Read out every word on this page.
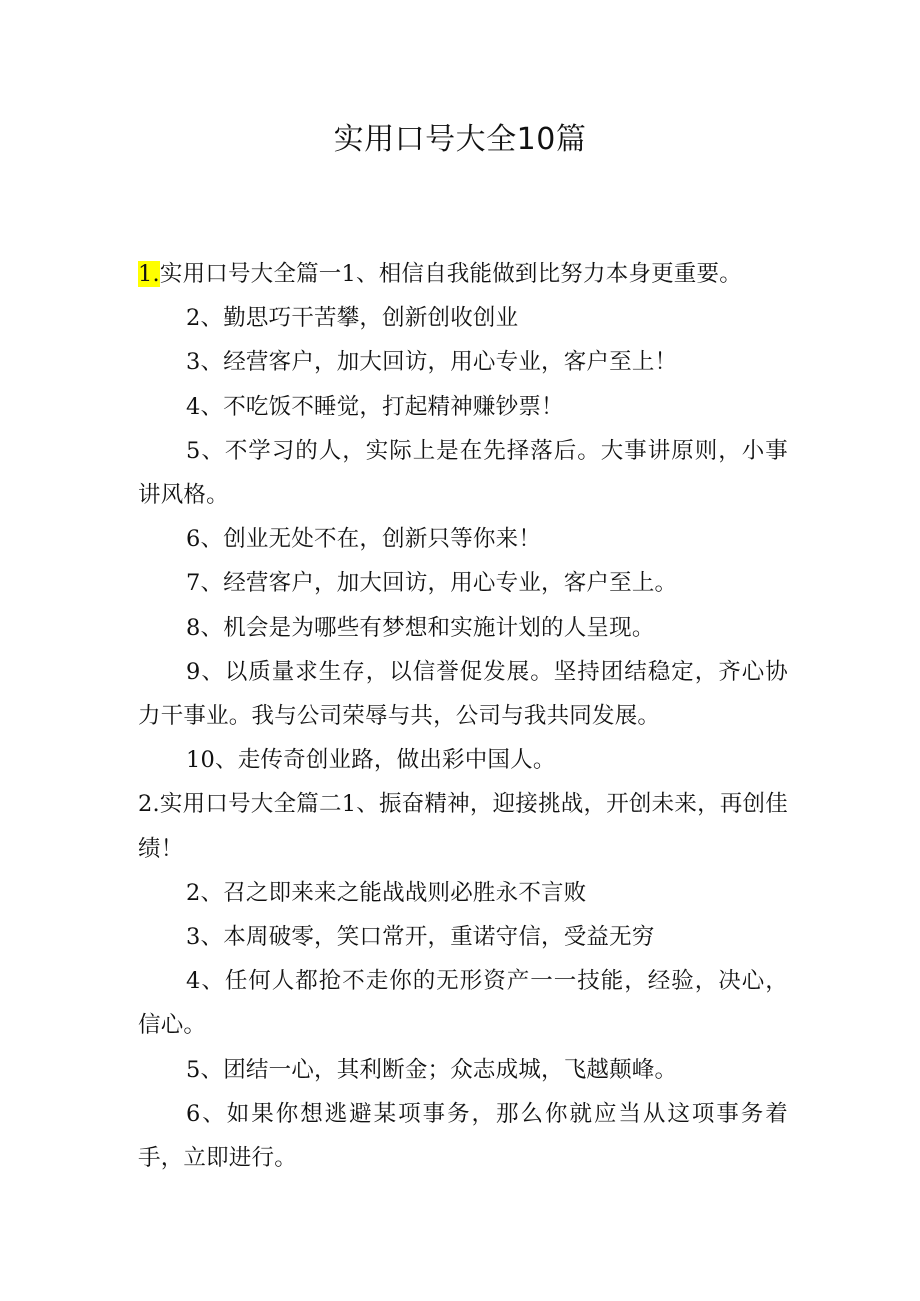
实用口号大全10篇

1.实用口号大全篇一1、相信自我能做到比努力本身更重要。

2、勤思巧干苦攀，创新创收创业

3、经营客户，加大回访，用心专业，客户至上！

4、不吃饭不睡觉，打起精神赚钞票！

5、不学习的人，实际上是在先择落后。大事讲原则，小事讲风格。

6、创业无处不在，创新只等你来！

7、经营客户，加大回访，用心专业，客户至上。

8、机会是为哪些有梦想和实施计划的人呈现。

9、以质量求生存，以信誉促发展。坚持团结稳定，齐心协力干事业。我与公司荣辱与共，公司与我共同发展。

10、走传奇创业路，做出彩中国人。

2.实用口号大全篇二1、振奋精神，迎接挑战，开创未来，再创佳绩！

2、召之即来来之能战战则必胜永不言败

3、本周破零，笑口常开，重诺守信，受益无穷

4、任何人都抢不走你的无形资产一一技能，经验，决心，信心。

5、团结一心，其利断金；众志成城，飞越颠峰。

6、如果你想逃避某项事务，那么你就应当从这项事务着手，立即进行。
